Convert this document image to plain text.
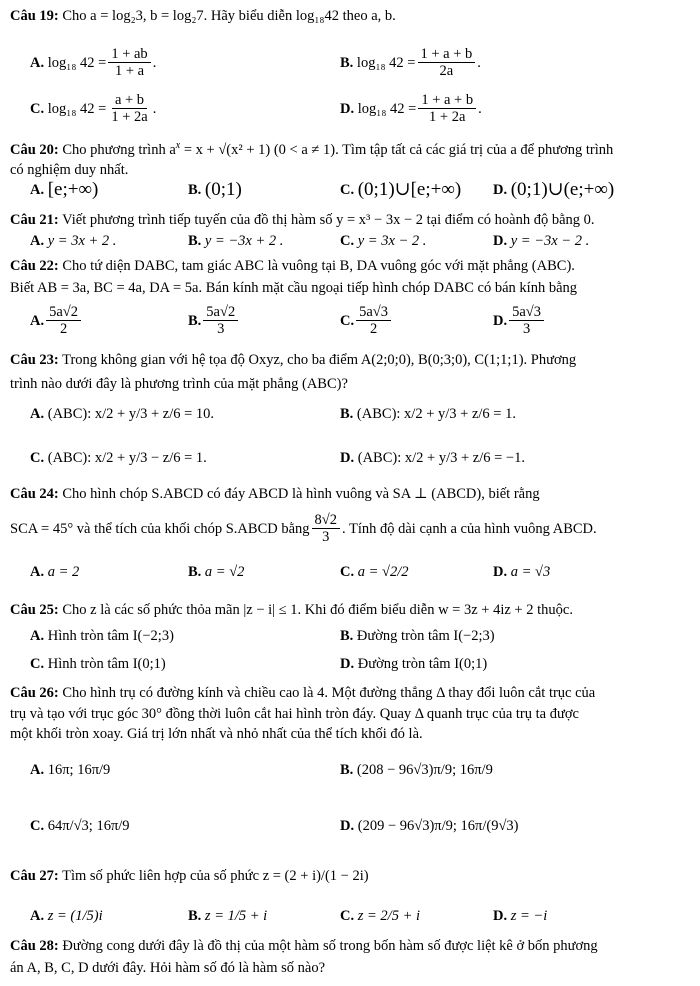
Câu 19: Cho a = log₂3, b = log₂7. Hãy biểu diễn log₁₈42 theo a, b.
A.
log₁₈ $42 = \frac{1 + ab}{1 + a}$ .	B.
log₁₈ $42 = \frac{1 + a + b}{2a}$ .
C.
log₁₈ $42 = \frac{a + b}{1 + 2a}$ .	D.
log₁₈ $42 = \frac{1 + a + b}{1 + 2a}$ .
Câu 20: Cho phương trình $a^x = x + √(x^2 + 1) (0 < a \ne 1)$. Tìm tập tất cả các giá trị của a để phương trình
có nghiệm duy nhất.
A.
[e;+∞)	B.
(0;1)	C.
(0;1)∪[e;+∞) D.
(0;1)∪(e;+∞)
Câu 21: Viết phương trình tiếp tuyến của đồ thị hàm số y = x³ − 3x − 2 tại điểm có hoành độ bằng 0.
A.
y = 3x + 2 .	B.
y = −3x + 2 .	C.
y = 3x − 2 .	D.
y = −3x − 2 .
Câu 22: Cho tứ diện DABC, tam giác ABC là vuông tại B, DA vuông góc với mặt phẳng (ABC).
Biết AB = 3a, BC = 4a, DA = 5a. Bán kính mặt cầu ngoại tiếp hình chóp DABC có bán kính bằng
A.
5a√2
2
B.
5a√2
3
C.
5a√3
2
D.
5a√3
3
Câu 23: Trong không gian với hệ tọa độ Oxyz, cho ba điểm A(2;0;0), B(0;3;0), C(1;1;1). Phương
trình nào dưới đây là phương trình của mặt phẳng (ABC)?
A.
(ABC): x/2 + y/3 + z/6 = 10.	B.
(ABC): x/2 + y/3 + z/6 = 1.
C.
(ABC): x/2 + y/3 − z/6 = 1.	D.
(ABC): x/2 + y/3 + z/6 = −1.
Câu 24: Cho hình chóp S.ABCD có đáy ABCD là hình vuông và SA ⊥ (ABCD), biết rằng
SCA = 45° và thể tích của khối chóp S.ABCD bằng
8√2
3
. Tính độ dài cạnh a của hình vuông ABCD.
A.
a = 2	B.
a = √2	C.
a = √2/2	D.
a = √3
Câu 25: Cho z là các số phức thỏa mãn |z − i| ≤ 1. Khi đó điểm biểu diễn w = 3z + 4iz + 2 thuộc.
A.
Hình tròn tâm I(−2;3)	B.
Đường tròn tâm I(−2;3)
C.
Hình tròn tâm I(0;1)	D.
Đường tròn tâm I(0;1)
Câu 26: Cho hình trụ có đường kính và chiều cao là 4. Một đường thẳng Δ thay đổi luôn cắt trục của
trụ và tạo với trục góc 30° đồng thời luôn cắt hai hình tròn đáy. Quay Δ quanh trục của trụ ta được
một khối tròn xoay. Giá trị lớn nhất và nhỏ nhất của thể tích khối đó là.
A.
16π; 16π/9	B.
(208 − 96√3)π/9; 16π/9
C.
64π/√3; 16π/9	D.
(209 − 96√3)π/9; 16π/(9√3)
Câu 27: Tìm số phức liên hợp của số phức z = (2 + i)/(1 − 2i)
A.
z = (1/5)i	B.
z = 1/5 + i	C.
z = 2/5 + i	D.
z = −i
Câu 28: Đường cong dưới đây là đồ thị của một hàm số trong bốn hàm số được liệt kê ở bốn phương
án A, B, C, D dưới đây. Hỏi hàm số đó là hàm số nào?
